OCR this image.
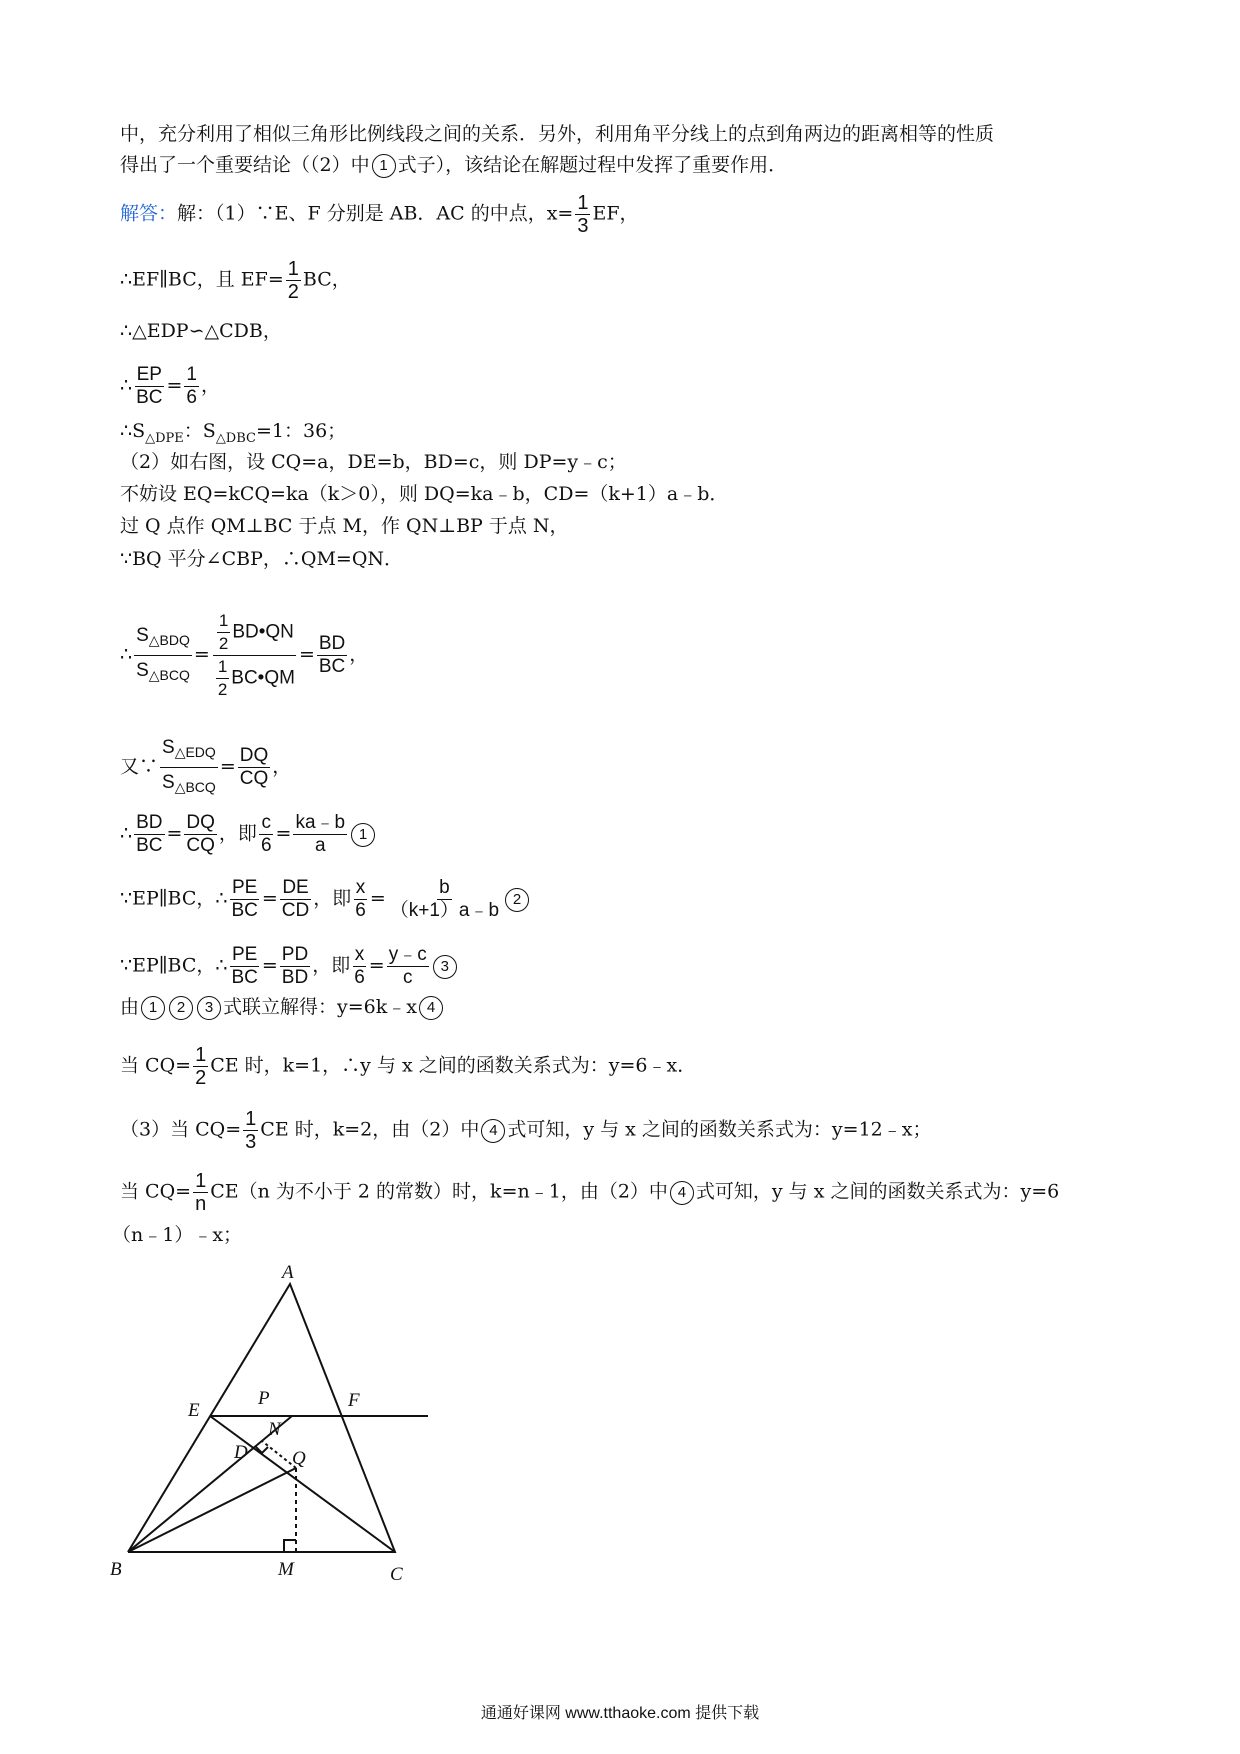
中，充分利用了相似三角形比例线段之间的关系．另外，利用角平分线上的点到角两边的距离相等的性质
得出了一个重要结论（（2）中 1 式子），该结论在解题过程中发挥了重要作用．
解答：解：（1）∵E、F 分别是 AB．AC 的中点，$x= \frac{1}{3}$ EF，
∴EF∥BC，且 $EF= \frac{1}{2}$ BC，
∴△EDP∽△CDB，
∴ $\frac{EP}{BC} = \frac{1}{6}$ ，
$\therefore S_{\triangle DPE}$：$S_{\triangle DBC}=1$：36；
（2）如右图，设 CQ=a，DE=b，BD=c，则 DP=y﹣c；
不妨设 EQ=kCQ=ka（k＞0），则 DQ=ka﹣b，CD=（k+1）a﹣b．
过 Q 点作 QM⊥BC 于点 M，作 QN⊥BP 于点 N，
∵BQ 平分∠CBP，∴QM=QN．
∴ $\frac{S_{\triangle BDQ}}{S_{\triangle BCQ}} = \frac{\frac{1}{2} BD•QN}{\frac{1}{2} BC•QM} = \frac{BD}{BC}$ ，
又∵ $\frac{S_{\triangle EDQ}}{S_{\triangle BCQ}} = \frac{DQ}{CQ}$ ，
∴ $\frac{BD}{BC} = \frac{DQ}{CQ}$ ，即 $\frac{c}{6} = \frac{ka﹣b}{a} 1$
∵EP∥BC，∴ $\frac{PE}{BC} = \frac{DE}{CD}$ ，即 $\frac{x}{6} = \frac{b}{(k+1)a﹣b} 2$
∵EP∥BC，∴ $\frac{PE}{BC} = \frac{PD}{BD}$ ，即 $\frac{x}{6} = \frac{y﹣c}{c} 3$
由 1 2 3 式联立解得：y=6k﹣x 4
当 $CQ= \frac{1}{2}$ CE 时，k=1，∴y 与 x 之间的函数关系式为：y=6﹣x．
（3）当 $CQ= \frac{1}{3}$ CE 时，k=2，由（2）中 4 式可知，y 与 x 之间的函数关系式为：y=12﹣x；
当 $CQ= \frac{1}{n} CE(n$ 为不小于 2 的常数）时，k=n﹣1，由（2）中 4 式可知，y 与 x 之间的函数关系式为：y=6
（n﹣1）﹣x；
A
E
P	F
N
D Q
B	M	C
通通好课网 www.tthaoke.com 提供下载
